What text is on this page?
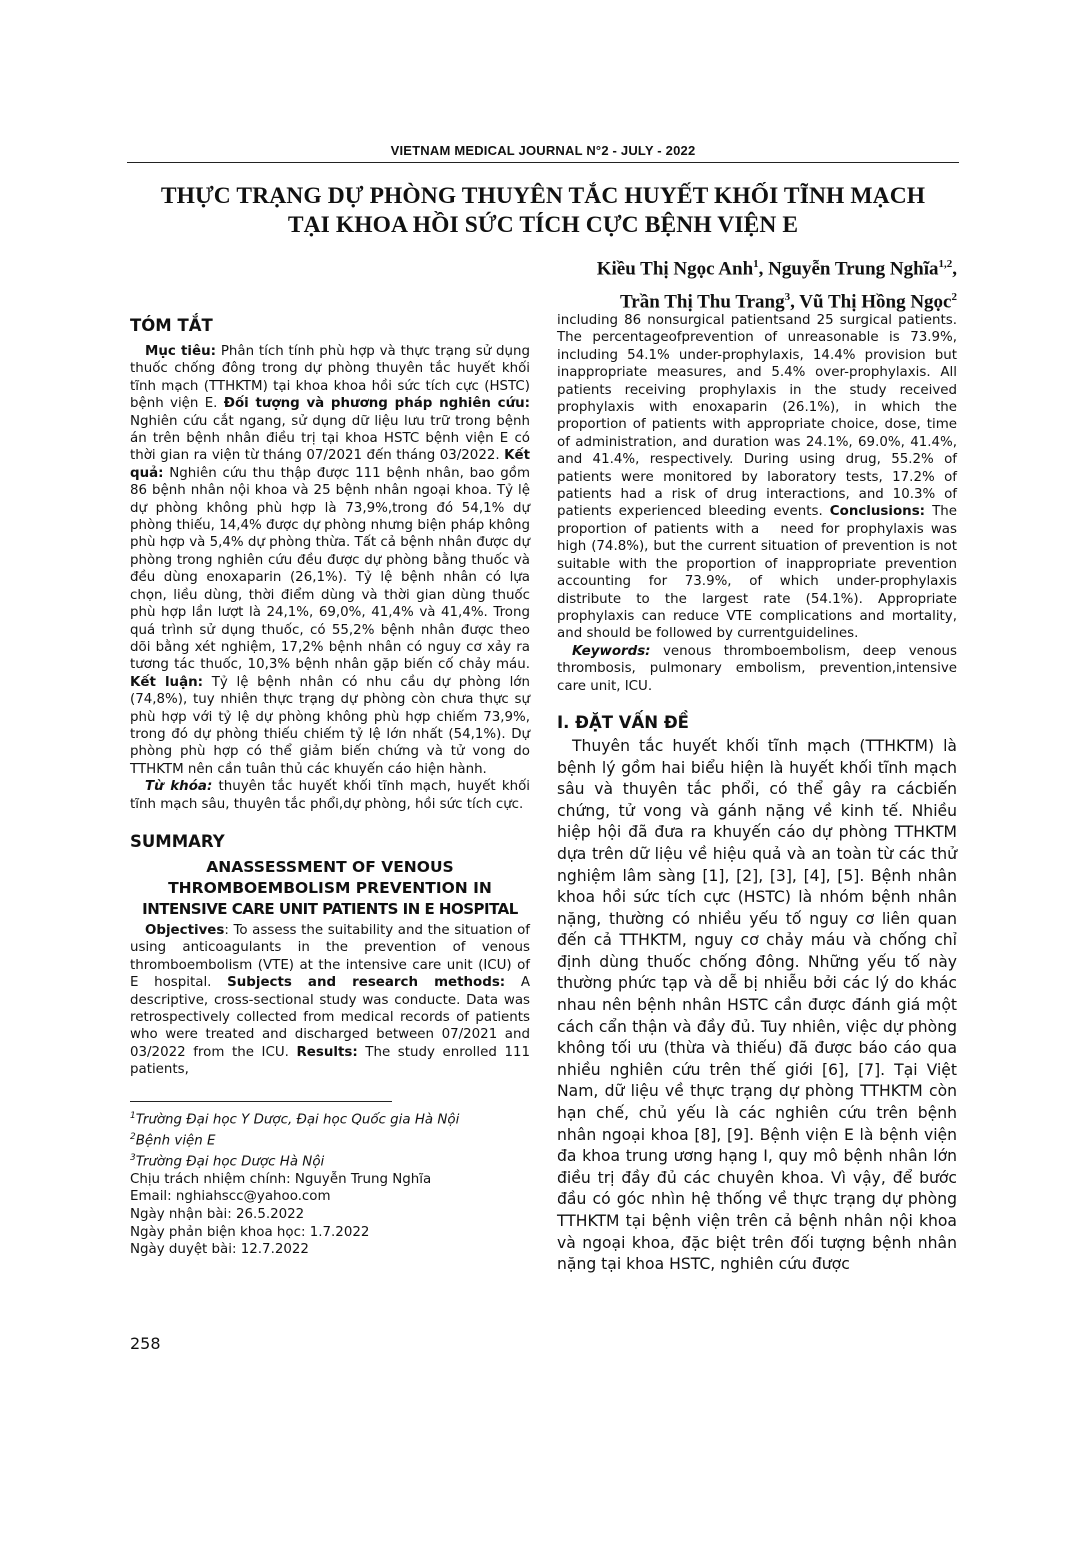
VIETNAM MEDICAL JOURNAL N°2 - JULY - 2022
THỰC TRẠNG DỰ PHÒNG THUYÊN TẮC HUYẾT KHỐI TĨNH MẠCH
TẠI KHOA HỒI SỨC TÍCH CỰC BỆNH VIỆN E
Kiều Thị Ngọc Anh$^1$, Nguyễn Trung Nghĩa$^{1,2}$,
Trần Thị Thu Trang$^3$, Vũ Thị Hồng Ngọc$^2$
TÓM TẮT

Mục tiêu: Phân tích tính phù hợp và thực trạng sử dụng thuốc chống đông trong dự phòng thuyên tắc huyết khối tĩnh mạch (TTHKTM) tại khoa khoa hồi sức tích cực (HSTC) bệnh viện E. Đối tượng và phương pháp nghiên cứu: Nghiên cứu cắt ngang, sử dụng dữ liệu lưu trữ trong bệnh án trên bệnh nhân điều trị tại khoa HSTC bệnh viện E có thời gian ra viện từ tháng 07/2021 đến tháng 03/2022. Kết quả: Nghiên cứu thu thập được 111 bệnh nhân, bao gồm 86 bệnh nhân nội khoa và 25 bệnh nhân ngoại khoa. Tỷ lệ dự phòng không phù hợp là 73,9%,trong đó 54,1% dự phòng thiếu, 14,4% được dự phòng nhưng biện pháp không phù hợp và 5,4% dự phòng thừa. Tất cả bệnh nhân được dự phòng trong nghiên cứu đều được dự phòng bằng thuốc và đều dùng enoxaparin (26,1%). Tỷ lệ bệnh nhân có lựa chọn, liều dùng, thời điểm dùng và thời gian dùng thuốc phù hợp lần lượt là 24,1%, 69,0%, 41,4% và 41,4%. Trong quá trình sử dụng thuốc, có 55,2% bệnh nhân được theo dõi bằng xét nghiệm, 17,2% bệnh nhân có nguy cơ xảy ra tương tác thuốc, 10,3% bệnh nhân gặp biến cố chảy máu. Kết luận: Tỷ lệ bệnh nhân có nhu cầu dự phòng lớn (74,8%), tuy nhiên thực trạng dự phòng còn chưa thực sự phù hợp với tỷ lệ dự phòng không phù hợp chiếm 73,9%, trong đó dự phòng thiếu chiếm tỷ lệ lớn nhất (54,1%). Dự phòng phù hợp có thể giảm biến chứng và tử vong do TTHKTM nên cần tuân thủ các khuyến cáo hiện hành.

Từ khóa: thuyên tắc huyết khối tĩnh mạch, huyết khối tĩnh mạch sâu, thuyên tắc phổi,dự phòng, hồi sức tích cực.

SUMMARY
ANASSESSMENT OF VENOUS
THROMBOEMBOLISM PREVENTION IN
INTENSIVE CARE UNIT PATIENTS IN E HOSPITAL

Objectives: To assess the suitability and the situation of using anticoagulants in the prevention of venous thromboembolism (VTE) at the intensive care unit (ICU) of E hospital. Subjects and research methods: A descriptive, cross-sectional study was conducte. Data was retrospectively collected from medical records of patients who were treated and discharged between 07/2021 and 03/2022 from the ICU. Results: The study enrolled 111 patients,

$^1$Trường Đại học Y Dược, Đại học Quốc gia Hà Nội

$^2$Bệnh viện E

$^3$Trường Đại học Dược Hà Nội

Chịu trách nhiệm chính: Nguyễn Trung Nghĩa

Email: nghiahscc@yahoo.com

Ngày nhận bài: 26.5.2022

Ngày phản biện khoa học: 1.7.2022

Ngày duyệt bài: 12.7.2022

including 86 nonsurgical patientsand 25 surgical patients. The percentageofprevention of unreasonable is 73.9%, including 54.1% under-prophylaxis, 14.4% provision but inappropriate measures, and 5.4% over-prophylaxis. All patients receiving prophylaxis in the study received prophylaxis with enoxaparin (26.1%), in which the proportion of patients with appropriate choice, dose, time of administration, and duration was 24.1%, 69.0%, 41.4%, and 41.4%, respectively. During using drug, 55.2% of patients were monitored by laboratory tests, 17.2% of patients had a risk of drug interactions, and 10.3% of patients experienced bleeding events. Conclusions: The proportion of patients with a   need for prophylaxis was high (74.8%), but the current situation of prevention is not suitable with the proportion of inappropriate prevention accounting for 73.9%, of which under-prophylaxis distribute to the largest rate (54.1%). Appropriate prophylaxis can reduce VTE complications and mortality, and should be followed by currentguidelines.

Keywords: venous thromboembolism, deep venous thrombosis, pulmonary embolism, prevention,intensive care unit, ICU.

I. ĐẶT VẤN ĐỀ

Thuyên tắc huyết khối tĩnh mạch (TTHKTM) là bệnh lý gồm hai biểu hiện là huyết khối tĩnh mạch sâu và thuyên tắc phổi, có thể gây ra cácbiến chứng, tử vong và gánh nặng về kinh tế. Nhiều hiệp hội đã đưa ra khuyến cáo dự phòng TTHKTM dựa trên dữ liệu về hiệu quả và an toàn từ các thử nghiệm lâm sàng [1], [2], [3], [4], [5]. Bệnh nhân khoa hồi sức tích cực (HSTC) là nhóm bệnh nhân nặng, thường có nhiều yếu tố nguy cơ liên quan đến cả TTHKTM, nguy cơ chảy máu và chống chỉ định dùng thuốc chống đông. Những yếu tố này thường phức tạp và dễ bị nhiễu bởi các lý do khác nhau nên bệnh nhân HSTC cần được đánh giá một cách cẩn thận và đầy đủ. Tuy nhiên, việc dự phòng không tối ưu (thừa và thiếu) đã được báo cáo qua nhiều nghiên cứu trên thế giới [6], [7]. Tại Việt Nam, dữ liệu về thực trạng dự phòng TTHKTM còn hạn chế, chủ yếu là các nghiên cứu trên bệnh nhân ngoại khoa [8], [9]. Bệnh viện E là bệnh viện đa khoa trung ương hạng I, quy mô bệnh nhân lớn điều trị đầy đủ các chuyên khoa. Vì vậy, để bước đầu có góc nhìn hệ thống về thực trạng dự phòng TTHKTM tại bệnh viện trên cả bệnh nhân nội khoa và ngoại khoa, đặc biệt trên đối tượng bệnh nhân nặng tại khoa HSTC, nghiên cứu được

258
